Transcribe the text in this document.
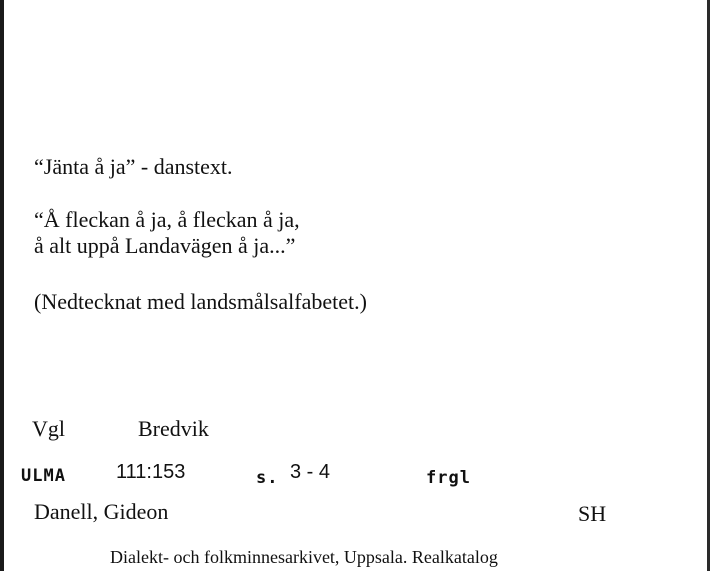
“Jänta å ja” - danstext.
“Å fleckan å ja, å fleckan å ja,
å alt uppå Landavägen å ja...”
(Nedtecknat med landsmålsalfabetet.)
Vgl	Bredvik
ULMA	111:153	s. 3 - 4	frgl
Danell, Gideon	SH
Dialekt- och folkminnesarkivet, Uppsala. Realkatalog
